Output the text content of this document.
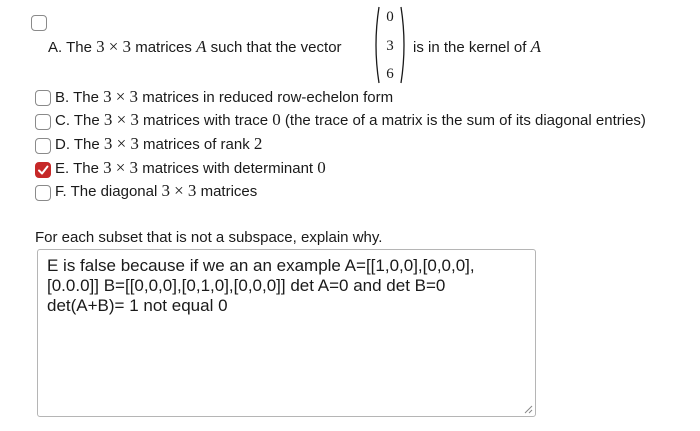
A. The 3 × 3 matrices A such that the vector
0
3
6
is in the kernel of A
B. The 3 × 3 matrices in reduced row-echelon form
C. The 3 × 3 matrices with trace 0 (the trace of a matrix is the sum of its diagonal entries)
D. The 3 × 3 matrices of rank 2
E. The 3 × 3 matrices with determinant 0
F. The diagonal 3 × 3 matrices
For each subset that is not a subspace, explain why.
E is false because if we an an example A=[[1,0,0],[0,0,0],
[0.0.0]] B=[[0,0,0],[0,1,0],[0,0,0]] det A=0 and det B=0
det(A+B)= 1 not equal 0
